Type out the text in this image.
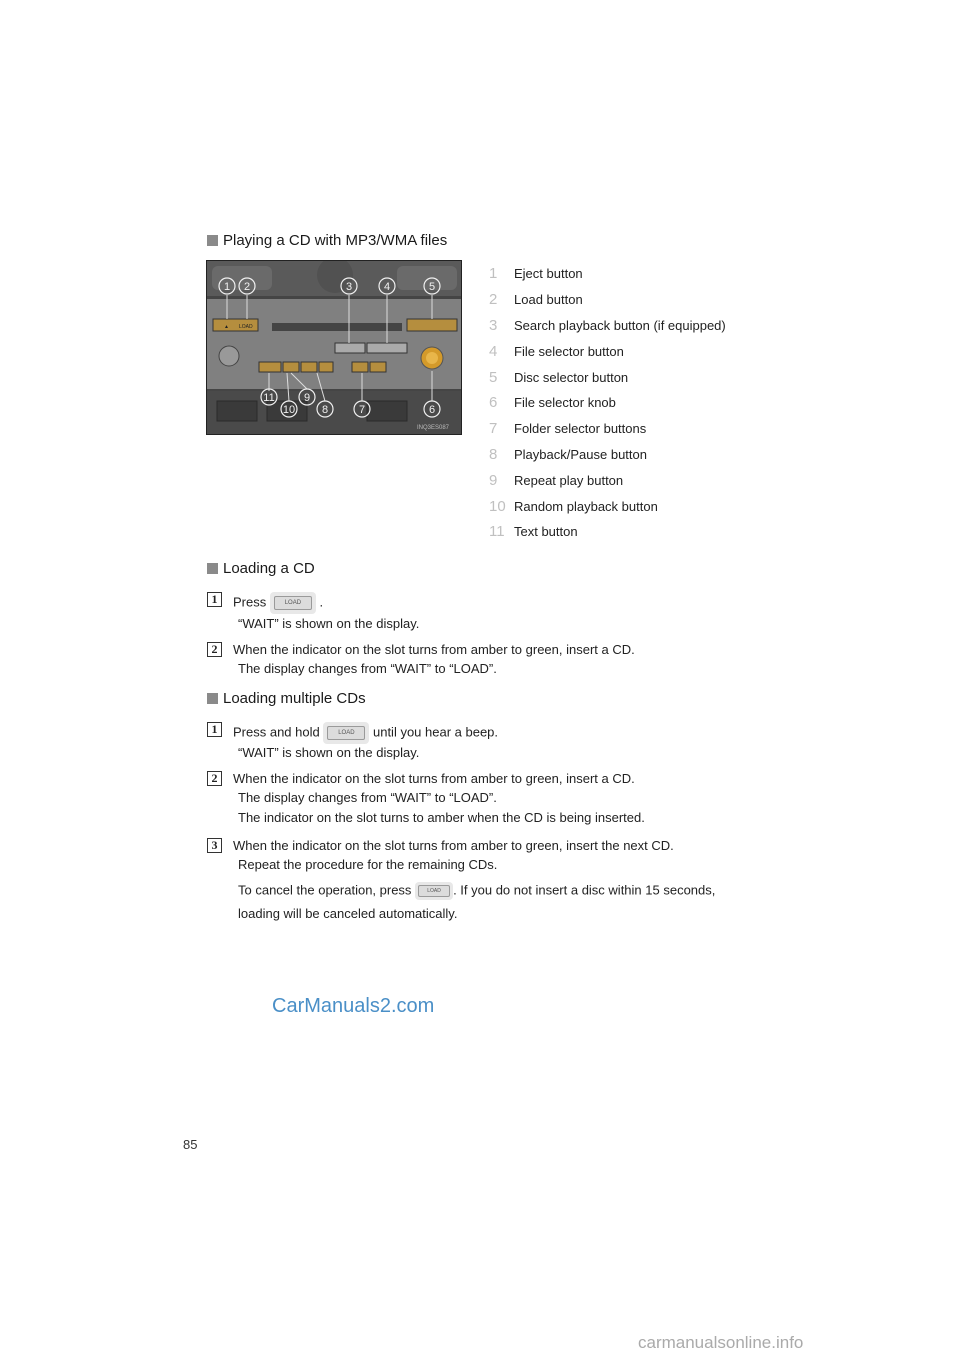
Playing a CD with MP3/WMA files
▲ LOAD
1 2	3	4	5
11
10
9
8	7	6
INQ3ES087
1	Eject button
2	Load button
3	Search playback button (if equipped)
4	File selector button
5	Disc selector button
6	File selector knob
7	Folder selector buttons
8	Playback/Pause button
9	Repeat play button
10 Random playback button
11 Text button
Loading a CD
1	Press	LOAD	.
“WAIT” is shown on the display.
2	When the indicator on the slot turns from amber to green, insert a CD.
The display changes from “WAIT” to “LOAD”.
Loading multiple CDs
1	Press and hold	LOAD	until you hear a beep.
“WAIT” is shown on the display.
2	When the indicator on the slot turns from amber to green, insert a CD.
The display changes from “WAIT” to “LOAD”.
The indicator on the slot turns to amber when the CD is being inserted.
3	When the indicator on the slot turns from amber to green, insert the next CD.
Repeat the procedure for the remaining CDs.
To cancel the operation, press	LOAD . If you do not insert a disc within 15 seconds,
loading will be canceled automatically.
CarManuals2.com
85
carmanualsonline.info
